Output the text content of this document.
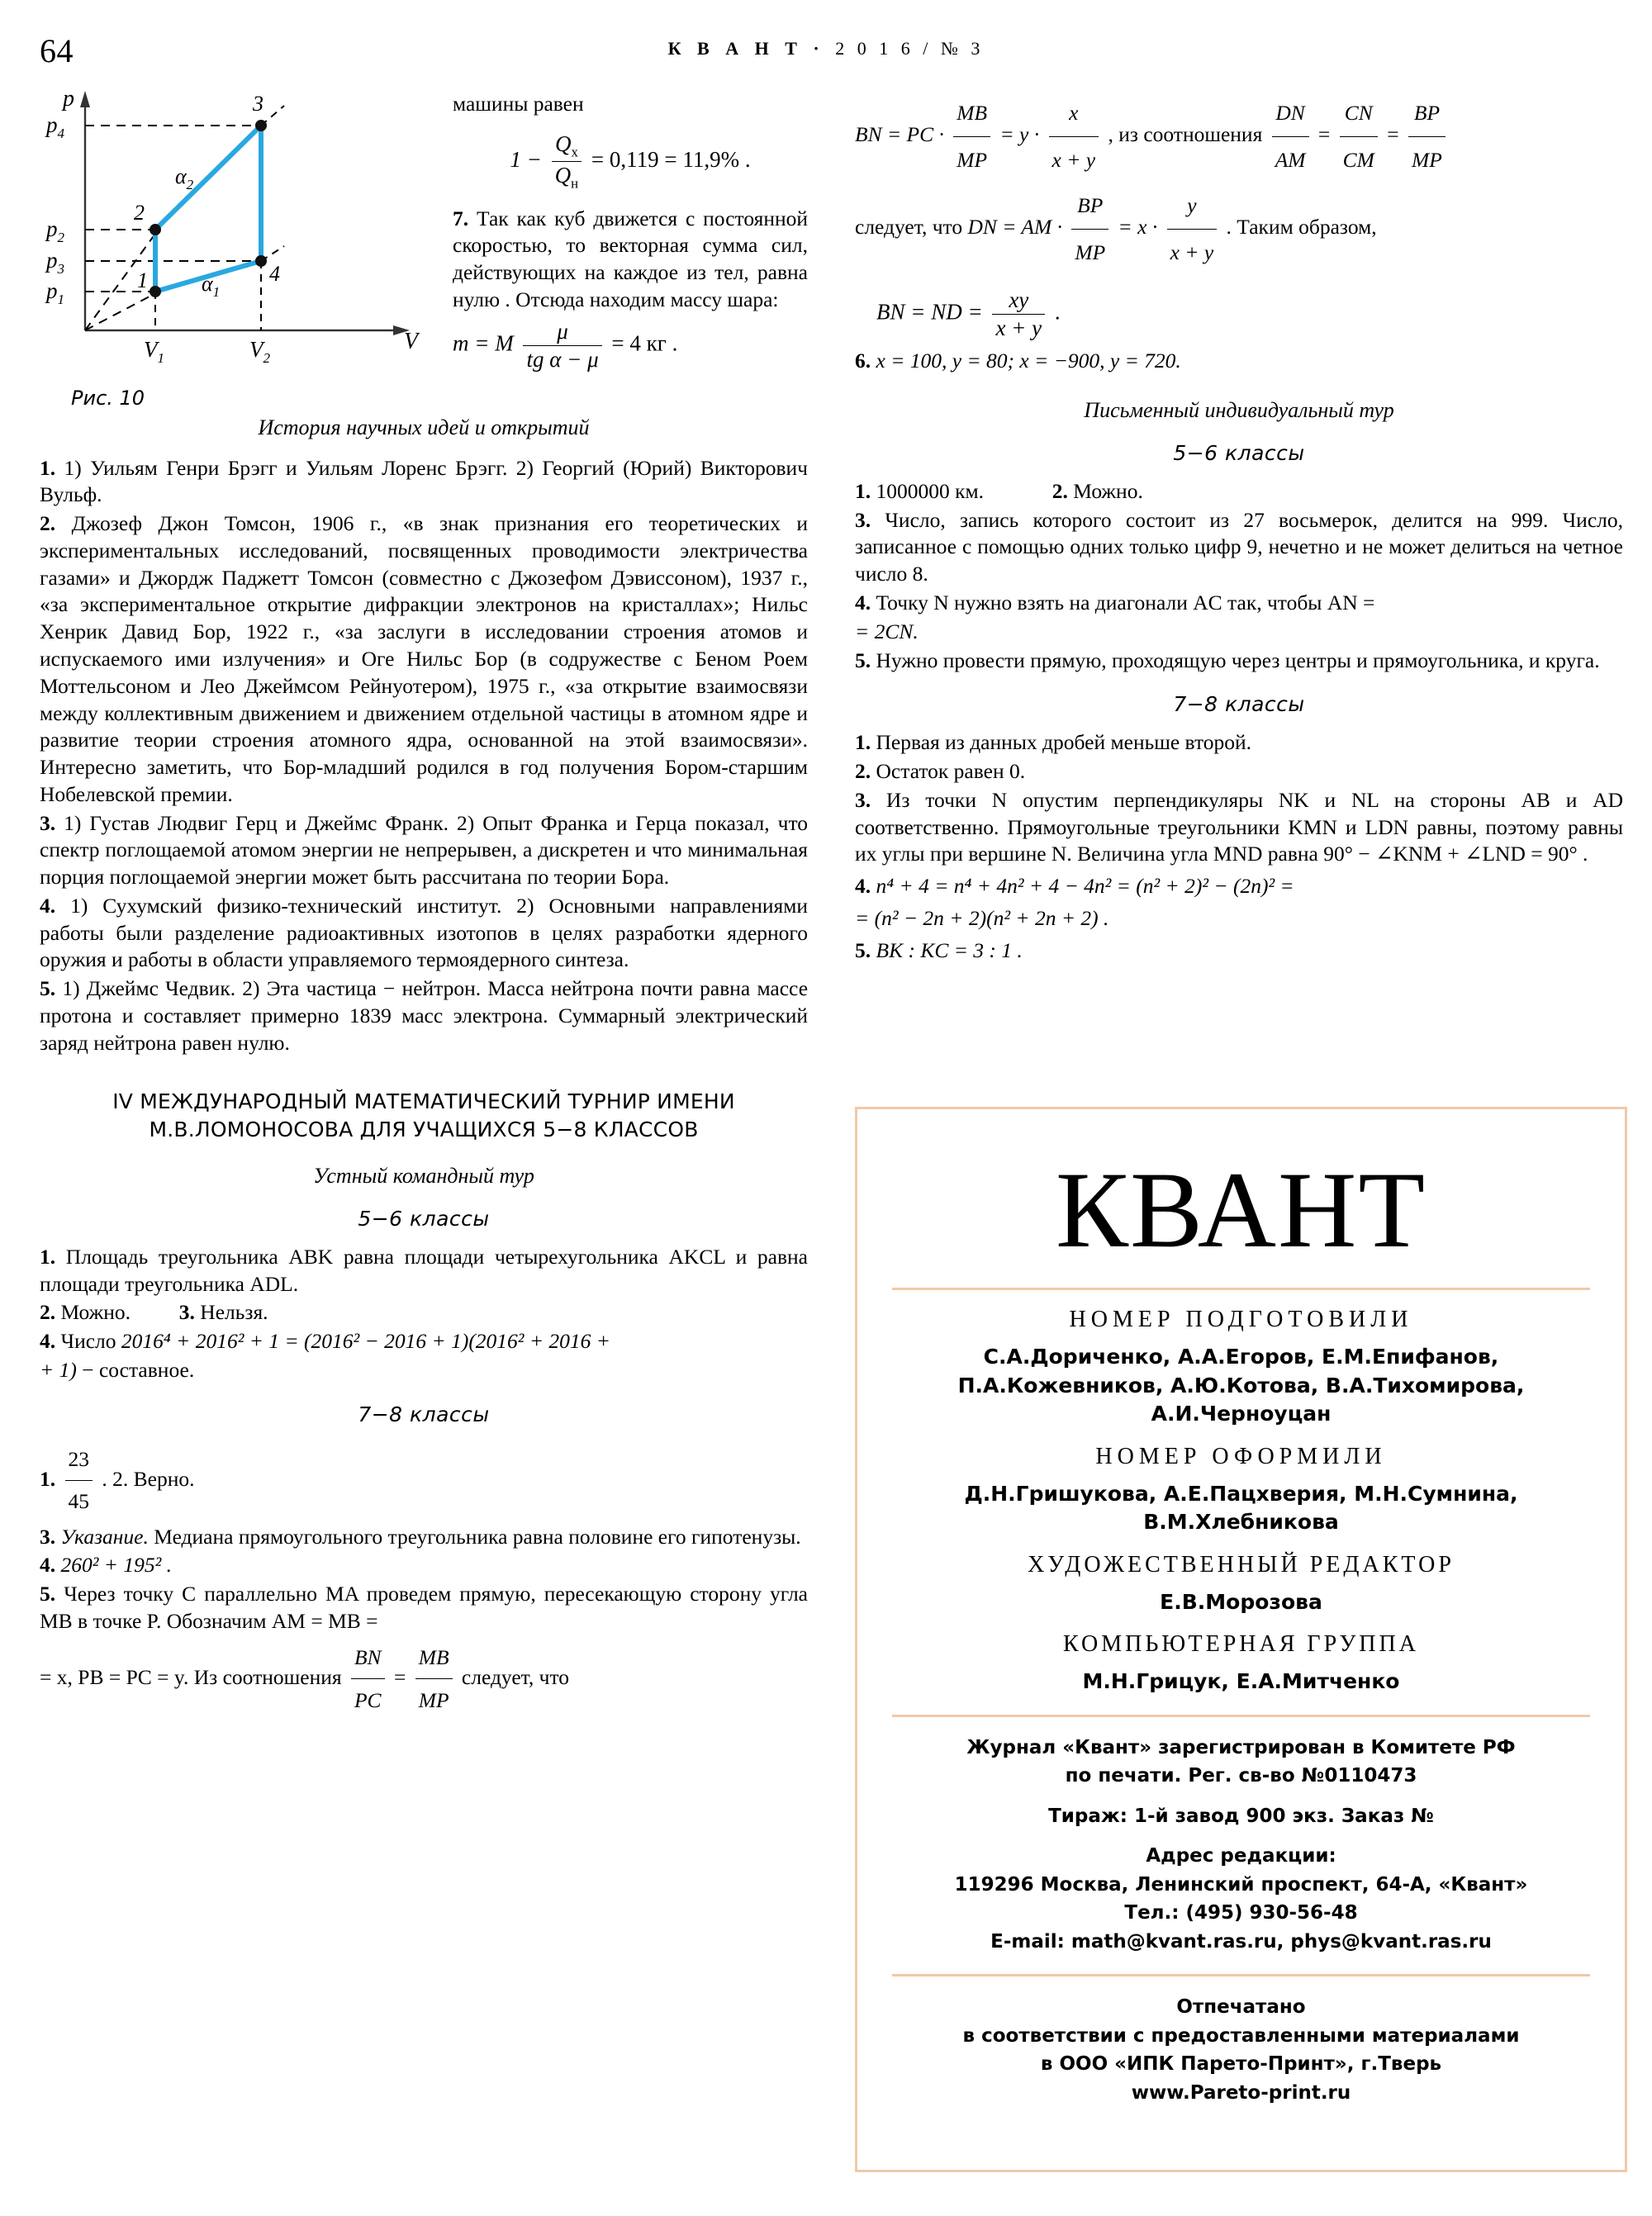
64	К В А Н Т · 2 0 1 6 / № 3
p
V
$p_4$
$p_2$
$p_3$
$p_1$
$V_1$	$V_2$
1
2
3
4
$\alpha_2$
$\alpha_1$
Рис. 10

машины равен

$1 - \frac{Q_х}{Q_н} = 0,119 = 11,9\%$ .

7. Так как куб движется с постоянной скоростью, то векторная сумма сил, действующих на каждое из тел, равна нулю . Отсюда находим массу шара:

m = M $\frac{\mu}{\text{tg α − μ}} = 4$ кг .
История научных идей и открытий

1. 1) Уильям Генри Брэгг и Уильям Лоренс Брэгг. 2) Георгий (Юрий) Викторович Вульф.

2. Джозеф Джон Томсон, 1906 г., «в знак признания его теоретических и экспериментальных исследований, посвященных проводимости электричества газами» и Джордж Паджетт Томсон (совместно с Джозефом Дэвиссоном), 1937 г., «за экспериментальное открытие дифракции электронов на кристаллах»; Нильс Хенрик Давид Бор, 1922 г., «за заслуги в исследовании строения атомов и испускаемого ими излучения» и Оге Нильс Бор (в содружестве с Беном Роем Моттельсоном и Лео Джеймсом Рейнуотером), 1975 г., «за открытие взаимосвязи между коллективным движением и движением отдельной частицы в атомном ядре и развитие теории строения атомного ядра, основанной на этой взаимосвязи». Интересно заметить, что Бор-младший родился в год получения Бором-старшим Нобелевской премии.

3. 1) Густав Людвиг Герц и Джеймс Франк. 2) Опыт Франка и Герца показал, что спектр поглощаемой атомом энергии не непрерывен, а дискретен и что минимальная порция поглощаемой энергии может быть рассчитана по теории Бора.

4. 1) Сухумский физико-технический институт. 2) Основными направлениями работы были разделение радиоактивных изотопов в целях разработки ядерного оружия и работы в области управляемого термоядерного синтеза.

5. 1) Джеймс Чедвик. 2) Эта частица − нейтрон. Масса нейтрона почти равна массе протона и составляет примерно 1839 масс электрона. Суммарный электрический заряд нейтрона равен нулю.

IV МЕЖДУНАРОДНЫЙ МАТЕМАТИЧЕСКИЙ ТУРНИР ИМЕНИ
М.В.ЛОМОНОСОВА ДЛЯ УЧАЩИХСЯ 5−8 КЛАССОВ
Устный командный тур
5−6 классы

1. Площадь треугольника ABK равна площади четырехугольника AKCL и равна площади треугольника ADL.

2. Можно. 3. Нельзя.

4. Число 2016⁴ + 2016² + 1 = (2016² − 2016 + 1)(2016² + 2016 +

+ 1) − составное.

7−8 классы

1. $\frac{23}{45}$ . 2. Верно.

3. Указание. Медиана прямоугольного треугольника равна половине его гипотенузы.

4. 260² + 195² .

5. Через точку C параллельно MA проведем прямую, пересекающую сторону угла MB в точке P. Обозначим AM = MB =

= x, PB = PC = y. Из соотношения $\frac{BN}{PC} = \frac{MB}{MP}$ следует, что

BN = PC · $\frac{MB}{MP} = y \cdot \frac{x}{x + y}$ , из соотношения $\frac{DN}{AM} = \frac{CN}{CM} = \frac{BP}{MP}$

следует, что DN = AM · $\frac{BP}{MP} = x \cdot \frac{y}{x + y}$ . Таким образом,

BN = ND = $\frac{xy}{x + y}$ .

6. x = 100, y = 80; x = −900, y = 720.

Письменный индивидуальный тур
5−6 классы

1. 1000000 км.	2. Можно.

3. Число, запись которого состоит из 27 восьмерок, делится на 999. Число, записанное с помощью одних только цифр 9, нечетно и не может делиться на четное число 8.

4. Точку N нужно взять на диагонали AC так, чтобы AN =

= 2CN.

5. Нужно провести прямую, проходящую через центры и прямоугольника, и круга.

7−8 классы

1. Первая из данных дробей меньше второй.

2. Остаток равен 0.

3. Из точки N опустим перпендикуляры NK и NL на стороны AB и AD соответственно. Прямоугольные треугольники KMN и LDN равны, поэтому равны их углы при вершине N. Величина угла MND равна 90° − ∠KNM + ∠LND = 90° .

4. n⁴ + 4 = n⁴ + 4n² + 4 − 4n² = (n² + 2)² − (2n)² =

= (n² − 2n + 2)(n² + 2n + 2) .

5. BK : KC = 3 : 1 .

КВАНТ
НОМЕР ПОДГОТОВИЛИ
С.А.Дориченко, А.А.Егоров, Е.М.Епифанов,
П.А.Кожевников, А.Ю.Котова, В.А.Тихомирова,
А.И.Черноуцан
НОМЕР ОФОРМИЛИ
Д.Н.Гришукова, А.Е.Пацхверия, М.Н.Сумнина,
В.М.Хлебникова
ХУДОЖЕСТВЕННЫЙ РЕДАКТОР
Е.В.Морозова
КОМПЬЮТЕРНАЯ ГРУППА
М.Н.Грицук, Е.А.Митченко
Журнал «Квант» зарегистрирован в Комитете РФ
по печати. Рег. св-во №0110473
Тираж: 1-й завод 900 экз. Заказ №
Адрес редакции:
119296 Москва, Ленинский проспект, 64-А, «Квант»
Тел.: (495) 930-56-48
E-mail: math@kvant.ras.ru, phys@kvant.ras.ru
Отпечатано
в соответствии с предоставленными материалами
в ООО «ИПК Парето-Принт», г.Тверь
www.Pareto-print.ru
